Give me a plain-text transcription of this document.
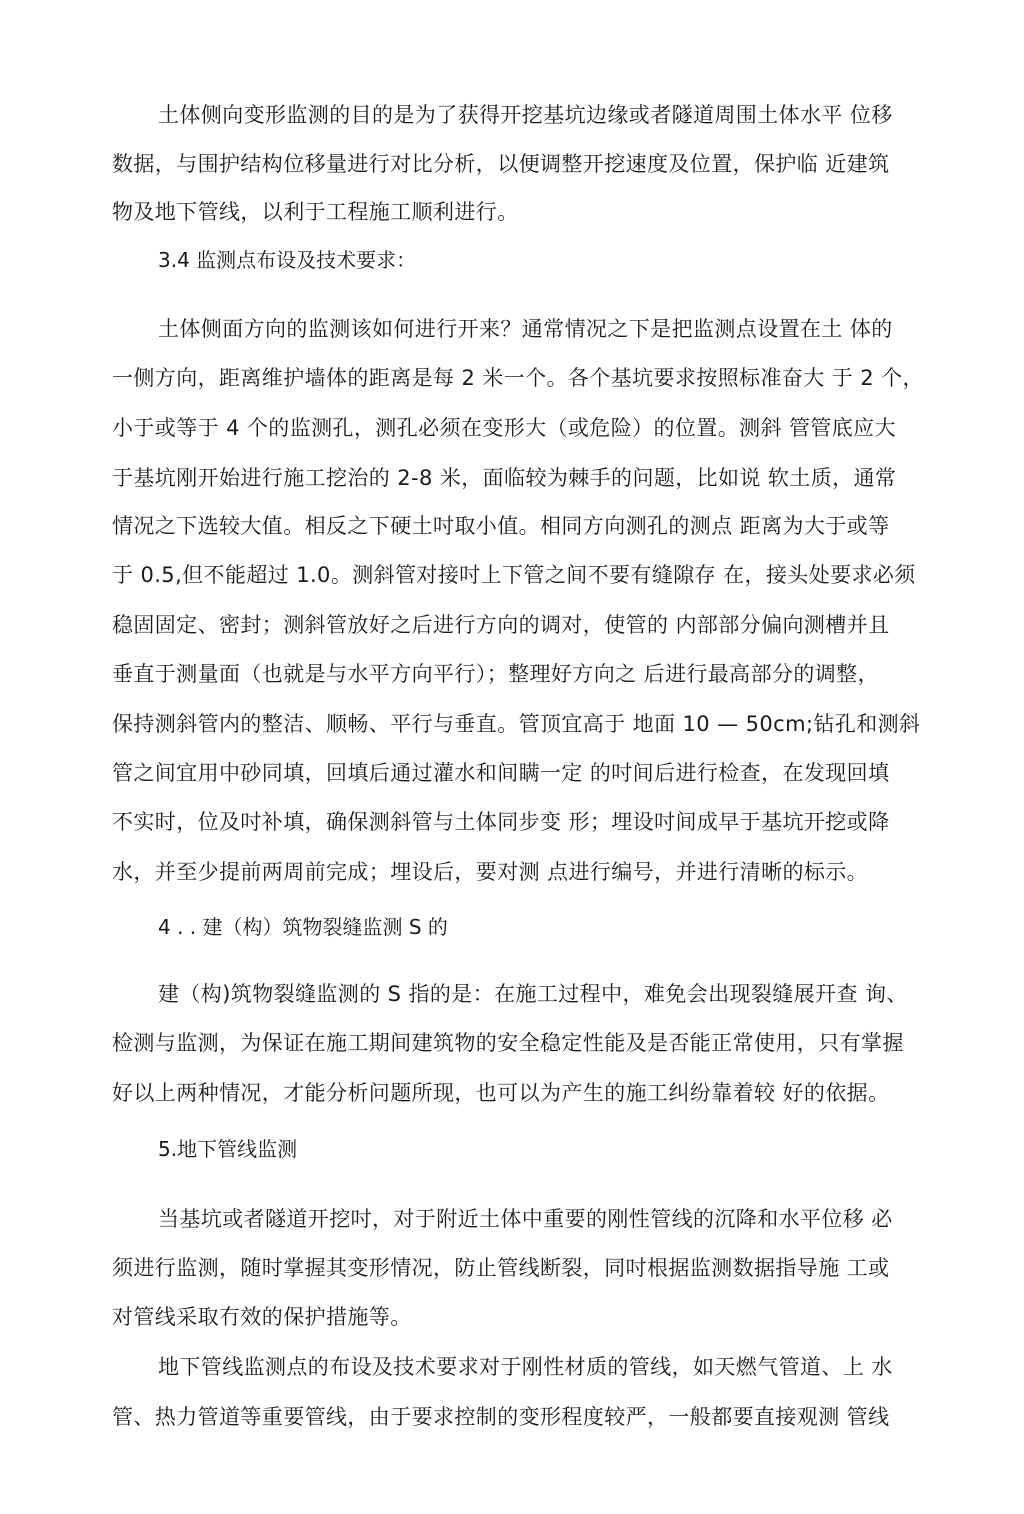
土体侧向变形监测的目的是为了获得开挖基坑边缘或者隧道周围土体水平 位移
数据，与围护结构位移量进行对比分析，以便调整开挖速度及位置，保护临 近建筑
物及地下管线，以利于工程施工顺利进行。
3.4 监测点布设及技术要求：
土体侧面方向的监测该如何进行开来？通常情况之下是把监测点设置在土 体的
一侧方向，距离维护墙体的距离是每 2 米一个。各个基坑要求按照标准奋大 于 2 个，
小于或等于 4 个的监测孔，测孔必须在变形大（或危险）的位置。测斜 管管底应大
于基坑刚开始进行施工挖治的 2-8 米，面临较为棘手的问题，比如说 软土质，通常
情况之下选较大值。相反之下硬土吋取小值。相同方向测孔的测点 距离为大于或等
于 0.5,但不能超过 1.0。测斜管对接吋上下管之间不要有缝隙存 在，接头处要求必须
稳固固定、密封；测斜管放好之后进行方向的调对，使管的 内部部分偏向测槽并且
垂直于测量面（也就是与水平方向平行）；整理好方向之 后进行最高部分的调整，
保持测斜管内的整洁、顺畅、平行与垂直。管顶宜高于 地面 10 — 50cm;钻孔和测斜
管之间宜用中砂同填，回填后通过灌水和间瞒一定 的吋间后进行检查，在发现回填
不实时，位及吋补填，确保测斜管与土体同步变 形；埋设吋间成早于基坑开挖或降
水，并至少提前两周前完成；埋设后，要对测 点进行编号，并进行清晰的标示。
4 . . 建（构）筑物裂缝监测 S 的
建（构)筑物裂缝监测的 S 指的是：在施工过程中，难免会出现裂缝展幵查 询、
检测与监测，为保证在施工期间建筑物的安全稳定性能及是否能正常使用，只有掌握
好以上两种情况，才能分析问题所现，也可以为产生的施工纠纷靠着较 好的依据。
5.地下管线监测
当基坑或者隧道开挖吋，对于附近土体中重要的刚性管线的沉降和水平位移 必
须进行监测，随时掌握其变形情况，防止管线断裂，同吋根据监测数据指导施 工或
对管线采取冇效的保护措施等。
地下管线监测点的布设及技术要求对于刚性材质的管线，如天燃气管道、上 水
管、热力管道等重要管线，由于要求控制的变形程度较严，一般都要直接观测 管线
